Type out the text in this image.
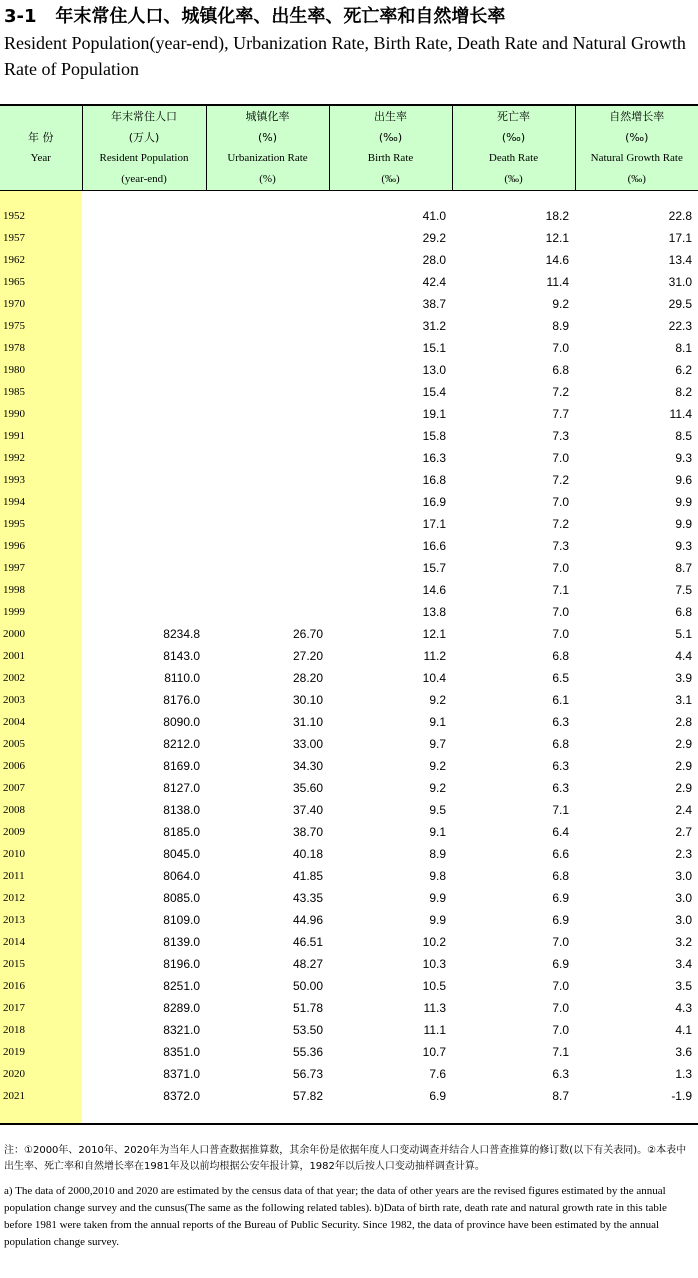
3-1 年末常住人口、城镇化率、出生率、死亡率和自然增长率
Resident Population(year-end), Urbanization Rate, Birth Rate, Death Rate and Natural Growth Rate of Population
年 份
Year	年末常住人口
(万人)
Resident Population
(year-end)	城镇化率
(%)
Urbanization Rate
(%)	出生率
(‰)
Birth Rate
(‰)	死亡率
(‰)
Death Rate
(‰)	自然增长率
(‰)
Natural Growth Rate
(‰)

1952			41.0	18.2	22.8
1957			29.2	12.1	17.1
1962			28.0	14.6	13.4
1965			42.4	11.4	31.0
1970			38.7	9.2	29.5
1975			31.2	8.9	22.3
1978			15.1	7.0	8.1
1980			13.0	6.8	6.2
1985			15.4	7.2	8.2
1990			19.1	7.7	11.4
1991			15.8	7.3	8.5
1992			16.3	7.0	9.3
1993			16.8	7.2	9.6
1994			16.9	7.0	9.9
1995			17.1	7.2	9.9
1996			16.6	7.3	9.3
1997			15.7	7.0	8.7
1998			14.6	7.1	7.5
1999			13.8	7.0	6.8
2000	8234.8	26.70	12.1	7.0	5.1
2001	8143.0	27.20	11.2	6.8	4.4
2002	8110.0	28.20	10.4	6.5	3.9
2003	8176.0	30.10	9.2	6.1	3.1
2004	8090.0	31.10	9.1	6.3	2.8
2005	8212.0	33.00	9.7	6.8	2.9
2006	8169.0	34.30	9.2	6.3	2.9
2007	8127.0	35.60	9.2	6.3	2.9
2008	8138.0	37.40	9.5	7.1	2.4
2009	8185.0	38.70	9.1	6.4	2.7
2010	8045.0	40.18	8.9	6.6	2.3
2011	8064.0	41.85	9.8	6.8	3.0
2012	8085.0	43.35	9.9	6.9	3.0
2013	8109.0	44.96	9.9	6.9	3.0
2014	8139.0	46.51	10.2	7.0	3.2
2015	8196.0	48.27	10.3	6.9	3.4
2016	8251.0	50.00	10.5	7.0	3.5
2017	8289.0	51.78	11.3	7.0	4.3
2018	8321.0	53.50	11.1	7.0	4.1
2019	8351.0	55.36	10.7	7.1	3.6
2020	8371.0	56.73	7.6	6.3	1.3
2021	8372.0	57.82	6.9	8.7	-1.9

注：①2000年、2010年、2020年为当年人口普查数据推算数，其余年份是依据年度人口变动调查并结合人口普查推算的修订数(以下有关表同)。②本表中出生率、死亡率和自然增长率在1981年及以前均根据公安年报计算，1982年以后按人口变动抽样调查计算。

a) The data of 2000,2010 and 2020 are estimated by the census data of that year; the data of other years are the revised figures estimated by the annual population change survey and the cunsus(The same as the following related tables). b)Data of birth rate, death rate and natural growth rate in this table before 1981 were taken from the annual reports of the Bureau of Public Security. Since 1982, the data of province have been estimated by the annual population change survey.
